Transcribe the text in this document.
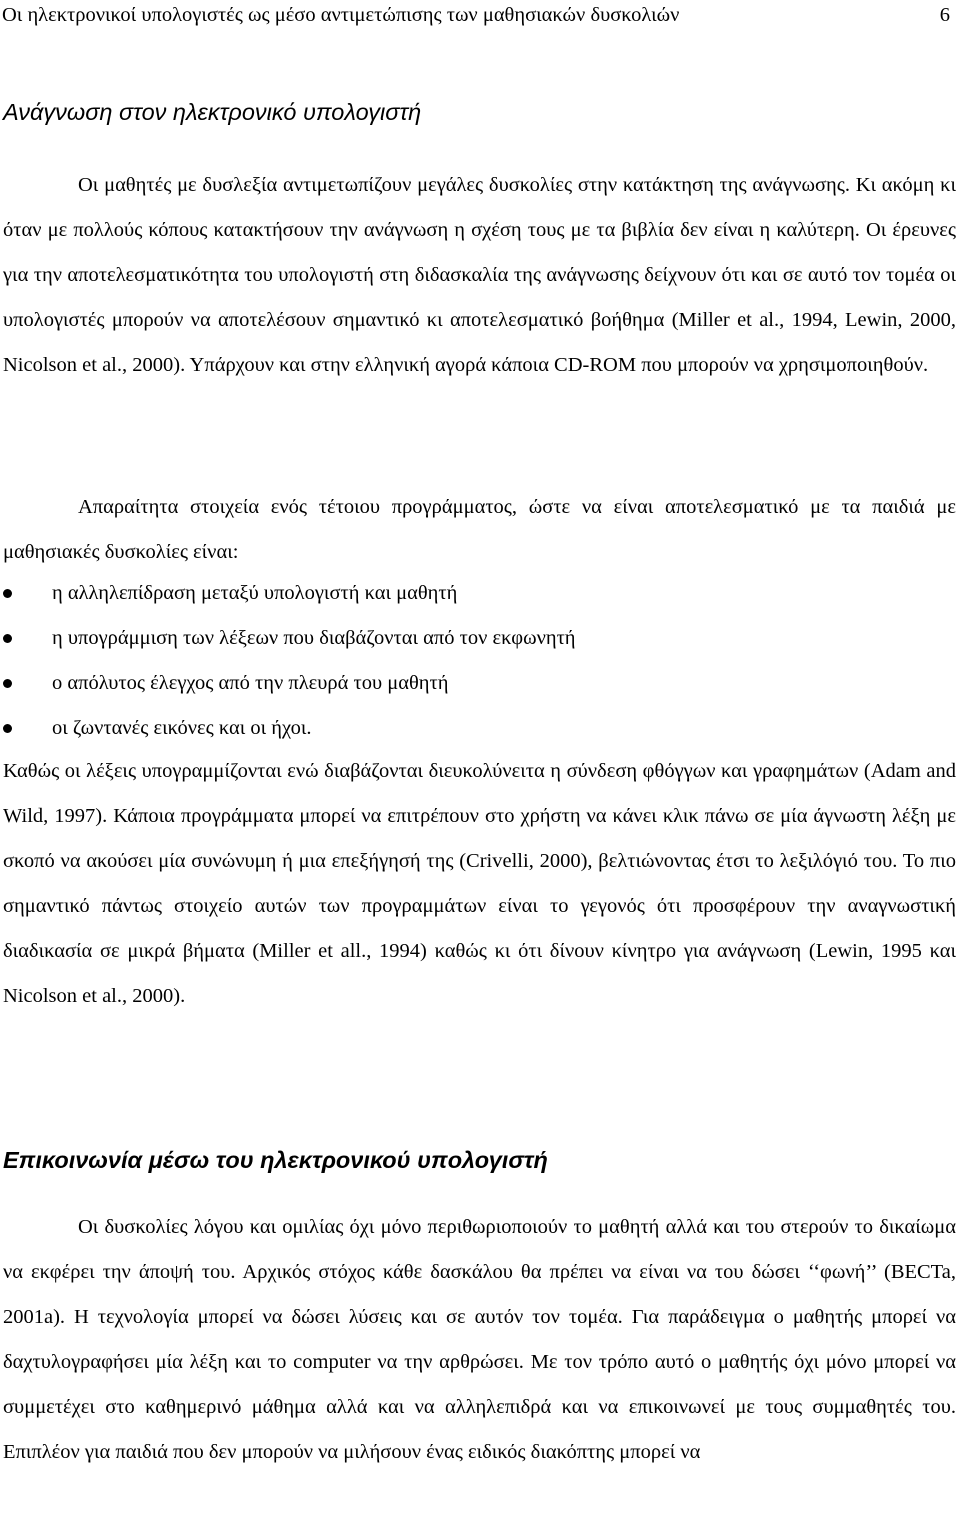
Οι ηλεκτρονικοί υπολογιστές ως μέσο αντιμετώπισης των μαθησιακών δυσκολιών	6
Ανάγνωση στον ηλεκτρονικό υπολογιστή

Οι μαθητές με δυσλεξία αντιμετωπίζουν μεγάλες δυσκολίες στην κατάκτηση της ανάγνωσης. Κι ακόμη κι όταν με πολλούς κόπους κατακτήσουν την ανάγνωση η σχέση τους με τα βιβλία δεν είναι η καλύτερη. Οι έρευνες για την αποτελεσματικότητα του υπολογιστή στη διδασκαλία της ανάγνωσης δείχνουν ότι και σε αυτό τον τομέα οι υπολογιστές μπορούν να αποτελέσουν σημαντικό κι αποτελεσματικό βοήθημα (Miller et al., 1994, Lewin, 2000, Nicolson et al., 2000). Υπάρχουν και στην ελληνική αγορά κάποια CD-ROM που μπορούν να χρησιμοποιηθούν.

Απαραίτητα στοιχεία ενός τέτοιου προγράμματος, ώστε να είναι αποτελεσματικό με τα παιδιά με μαθησιακές δυσκολίες είναι:

η αλληλεπίδραση μεταξύ υπολογιστή και μαθητή
η υπογράμμιση των λέξεων που διαβάζονται από τον εκφωνητή
ο απόλυτος έλεγχος από την πλευρά του μαθητή
οι ζωντανές εικόνες και οι ήχοι.

Καθώς οι λέξεις υπογραμμίζονται ενώ διαβάζονται διευκολύνειτα η σύνδεση φθόγγων και γραφημάτων (Adam and Wild, 1997). Κάποια προγράμματα μπορεί να επιτρέπουν στο χρήστη να κάνει κλικ πάνω σε μία άγνωστη λέξη με σκοπό να ακούσει μία συνώνυμη ή μια επεξήγησή της (Crivelli, 2000), βελτιώνοντας έτσι το λεξιλόγιό του. Το πιο σημαντικό πάντως στοιχείο αυτών των προγραμμάτων είναι το γεγονός ότι προσφέρουν την αναγνωστική διαδικασία σε μικρά βήματα (Miller et all., 1994) καθώς κι ότι δίνουν κίνητρο για ανάγνωση (Lewin, 1995 και Nicolson et al., 2000).

Επικοινωνία μέσω του ηλεκτρονικού υπολογιστή

Οι δυσκολίες λόγου και ομιλίας όχι μόνο περιθωριοποιούν το μαθητή αλλά και του στερούν το δικαίωμα να εκφέρει την άποψή του. Αρχικός στόχος κάθε δασκάλου θα πρέπει να είναι να του δώσει ‘‘φωνή’’ (BECTa, 2001a). Η τεχνολογία μπορεί να δώσει λύσεις και σε αυτόν τον τομέα. Για παράδειγμα ο μαθητής μπορεί να δαχτυλογραφήσει μία λέξη και το computer να την αρθρώσει. Με τον τρόπο αυτό ο μαθητής όχι μόνο μπορεί να συμμετέχει στο καθημερινό μάθημα αλλά και να αλληλεπιδρά και να επικοινωνεί με τους συμμαθητές του. Επιπλέον για παιδιά που δεν μπορούν να μιλήσουν ένας ειδικός διακόπτης μπορεί να
